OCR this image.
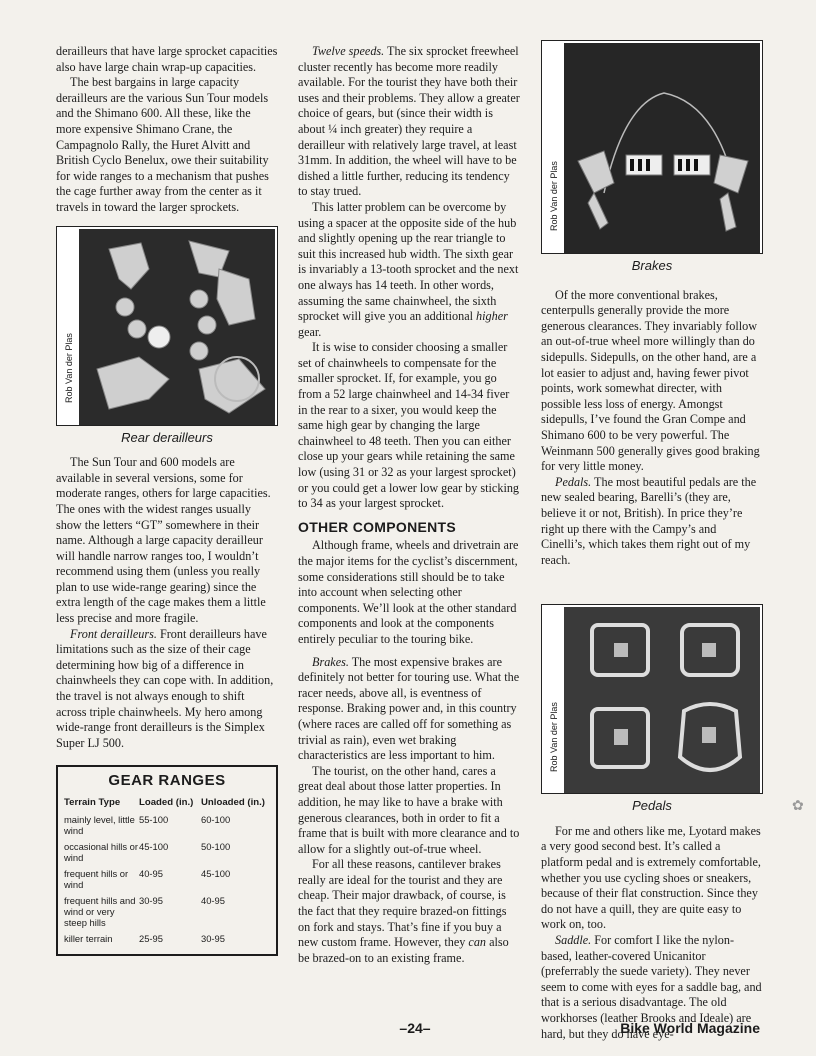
derailleurs that have large sprocket capacities also have large chain wrap-up capacities.

The best bargains in large capacity derailleurs are the various Sun Tour models and the Shimano 600. All these, like the more expensive Shimano Crane, the Campagnolo Rally, the Huret Alvitt and British Cyclo Benelux, owe their suitability for wide ranges to a mechanism that pushes the cage further away from the center as it travels in toward the larger sprockets.

Rob Van der Plas
Rear derailleurs

The Sun Tour and 600 models are available in several versions, some for moderate ranges, others for large capacities. The ones with the widest ranges usually show the letters “GT” somewhere in their name. Although a large capacity derailleur will handle narrow ranges too, I wouldn’t recommend using them (unless you really plan to use wide-range gearing) since the extra length of the cage makes them a little less precise and more fragile.

Front derailleurs. Front derailleurs have limitations such as the size of their cage determining how big of a difference in chainwheels they can cope with. In addition, the travel is not always enough to shift across triple chainwheels. My hero among wide-range front derailleurs is the Simplex Super LJ 500.

GEAR RANGES
Terrain Type	Loaded (in.)	Unloaded (in.)
mainly level, little wind	55-100	60-100
occasional hills or wind	45-100	50-100
frequent hills or wind	40-95	45-100
frequent hills and wind or very steep hills	30-95	40-95
killer terrain	25-95	30-95

Twelve speeds. The six sprocket freewheel cluster recently has become more readily available. For the tourist they have both their uses and their problems. They allow a greater choice of gears, but (since their width is about ¼ inch greater) they require a derailleur with relatively large travel, at least 31mm. In addition, the wheel will have to be dished a little further, reducing its tendency to stay trued.

This latter problem can be overcome by using a spacer at the opposite side of the hub and slightly opening up the rear triangle to suit this increased hub width. The sixth gear is invariably a 13-tooth sprocket and the next one always has 14 teeth. In other words, assuming the same chainwheel, the sixth sprocket will give you an additional higher gear.

It is wise to consider choosing a smaller set of chainwheels to compensate for the smaller sprocket. If, for example, you go from a 52 large chainwheel and 14-34 fiver in the rear to a sixer, you would keep the same high gear by changing the large chainwheel to 48 teeth. Then you can either close up your gears while retaining the same low (using 31 or 32 as your largest sprocket) or you could get a lower low gear by sticking to 34 as your largest sprocket.

OTHER COMPONENTS

Although frame, wheels and drivetrain are the major items for the cyclist’s discernment, some considerations still should be to take into account when selecting other components. We’ll look at the other standard components and look at the components entirely peculiar to the touring bike.

Brakes. The most expensive brakes are definitely not better for touring use. What the racer needs, above all, is eventness of response. Braking power and, in this country (where races are called off for something as trivial as rain), even wet braking characteristics are less important to him.

The tourist, on the other hand, cares a great deal about those latter properties. In addition, he may like to have a brake with generous clearances, both in order to fit a frame that is built with more clearance and to allow for a slightly out-of-true wheel.

For all these reasons, cantilever brakes really are ideal for the tourist and they are cheap. Their major drawback, of course, is the fact that they require brazed-on fittings on fork and stays. That’s fine if you buy a new custom frame. However, they can also be brazed-on to an existing frame.

Rob Van der Plas
Brakes

Of the more conventional brakes, centerpulls generally provide the more generous clearances. They invariably follow an out-of-true wheel more willingly than do sidepulls. Sidepulls, on the other hand, are a lot easier to adjust and, having fewer pivot points, work somewhat directer, with possible less loss of energy. Amongst sidepulls, I’ve found the Gran Compe and Shimano 600 to be very powerful. The Weinmann 500 generally gives good braking for very little money.

Pedals. The most beautiful pedals are the new sealed bearing, Barelli’s (they are, believe it or not, British). In price they’re right up there with the Campy’s and Cinelli’s, which takes them right out of my reach.

Rob Van der Plas
Pedals

For me and others like me, Lyotard makes a very good second best. It’s called a platform pedal and is extremely comfortable, whether you use cycling shoes or sneakers, because of their flat construction. Since they do not have a quill, they are quite easy to work on, too.

Saddle. For comfort I like the nylon-based, leather-covered Unicanitor (preferrably the suede variety). They never seem to come with eyes for a saddle bag, and that is a serious disadvantage. The old workhorses (leather Brooks and Ideale) are hard, but they do have eye-

✿
–24–	Bike World Magazine
